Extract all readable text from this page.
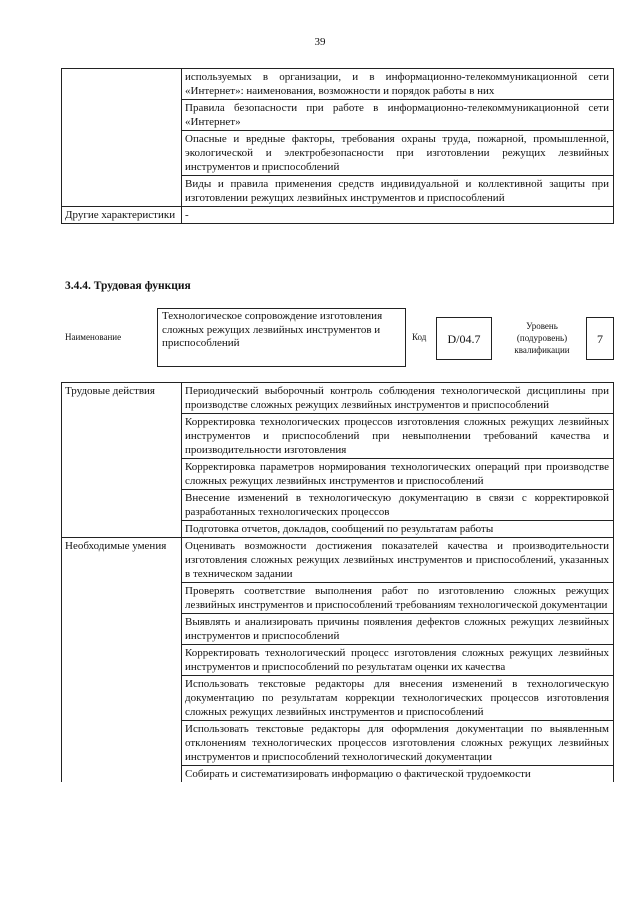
39
	используемых в организации, и в информационно-телекоммуникационной сети «Интернет»: наименования, возможности и порядок работы в них
	Правила безопасности при работе в информационно-телекоммуникационной сети «Интернет»
	Опасные и вредные факторы, требования охраны труда, пожарной, промышленной, экологической и электробезопасности при изготовлении режущих лезвийных инструментов и приспособлений
	Виды и правила применения средств индивидуальной и коллективной защиты при изготовлении режущих лезвийных инструментов и приспособлений
Другие характеристики	-
3.4.4. Трудовая функция
Наименование
Технологическое сопровождение изготовления сложных режущих лезвийных инструментов и приспособлений	Код	D/04.7
Уровень (подуровень) квалификации
7
Трудовые действия	Периодический выборочный контроль соблюдения технологической дисциплины при производстве сложных режущих лезвийных инструментов и приспособлений
	Корректировка технологических процессов изготовления сложных режущих лезвийных инструментов и приспособлений при невыполнении требований качества и производительности изготовления
	Корректировка параметров нормирования технологических операций при производстве сложных режущих лезвийных инструментов и приспособлений
	Внесение изменений в технологическую документацию в связи с корректировкой разработанных технологических процессов
	Подготовка отчетов, докладов, сообщений по результатам работы
Необходимые умения	Оценивать возможности достижения показателей качества и производительности изготовления сложных режущих лезвийных инструментов и приспособлений, указанных в техническом задании
	Проверять соответствие выполнения работ по изготовлению сложных режущих лезвийных инструментов и приспособлений требованиям технологической документации
	Выявлять и анализировать причины появления дефектов сложных режущих лезвийных инструментов и приспособлений
	Корректировать технологический процесс изготовления сложных режущих лезвийных инструментов и приспособлений по результатам оценки их качества
	Использовать текстовые редакторы для внесения изменений в технологическую документацию по результатам коррекции технологических процессов изготовления сложных режущих лезвийных инструментов и приспособлений
	Использовать текстовые редакторы для оформления документации по выявленным отклонениям технологических процессов изготовления сложных режущих лезвийных инструментов и приспособлений технологический документации
	Собирать и систематизировать информацию о фактической трудоемкости
